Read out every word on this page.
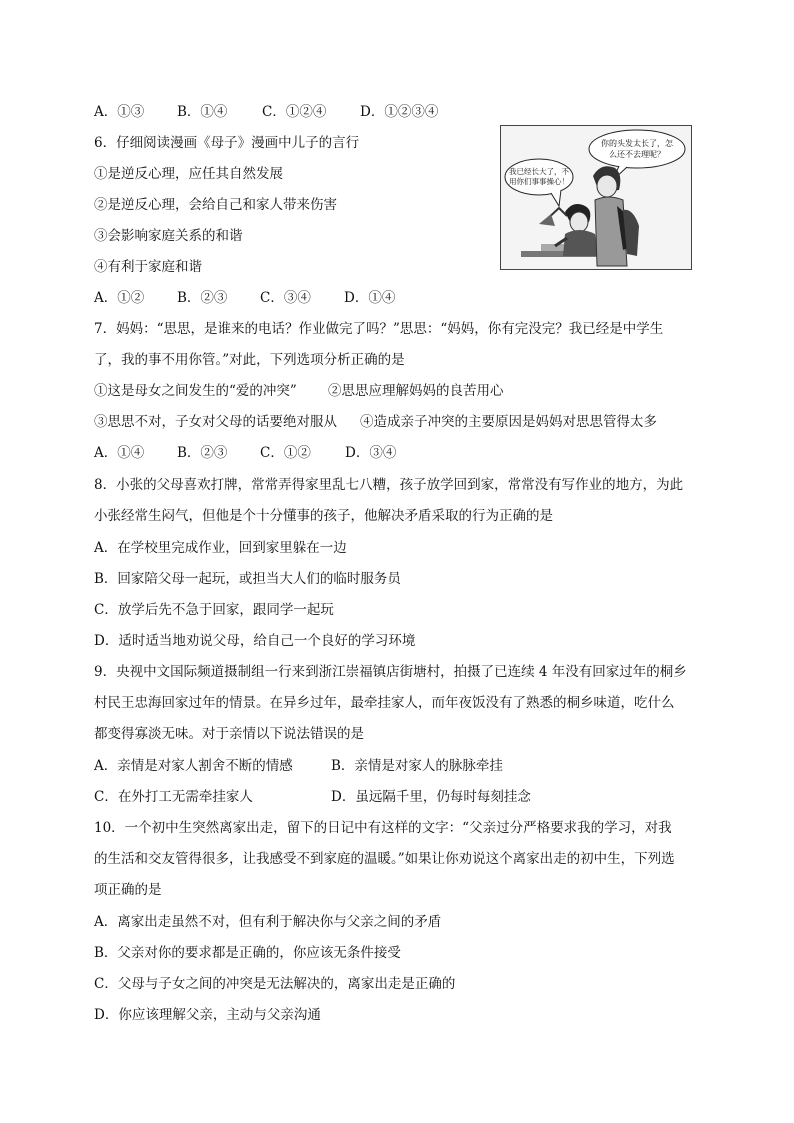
A．①③ B．①④	C．①②④ D．①②③④
6．仔细阅读漫画《母子》漫画中儿子的言行
①是逆反心理，应任其自然发展
②是逆反心理，会给自己和家人带来伤害
③会影响家庭关系的和谐
④有利于家庭和谐
A．①② B．②③ C．③④ D．①④
你的头发太长了，怎
么还不去理呢？
我已经长大了，不
用你们事事操心！
7．妈妈：“思思，是谁来的电话？作业做完了吗？”思思：“妈妈，你有完没完？我已经是中学生
了，我的事不用你管。”对此，下列选项分析正确的是
①这是母女之间发生的“爱的冲突” ②思思应理解妈妈的良苦用心
③思思不对，子女对父母的话要绝对服从 ④造成亲子冲突的主要原因是妈妈对思思管得太多
A．①④ B．②③ C．①②	D．③④
8．小张的父母喜欢打牌，常常弄得家里乱七八糟，孩子放学回到家，常常没有写作业的地方，为此
小张经常生闷气，但他是个十分懂事的孩子，他解决矛盾采取的行为正确的是
A．在学校里完成作业，回到家里躲在一边
B．回家陪父母一起玩，或担当大人们的临时服务员
C．放学后先不急于回家，跟同学一起玩
D．适时适当地劝说父母，给自己一个良好的学习环境
9．央视中文国际频道摄制组一行来到浙江崇福镇店街塘村，拍摄了已连续 4 年没有回家过年的桐乡
村民王忠海回家过年的情景。在异乡过年，最牵挂家人，而年夜饭没有了熟悉的桐乡味道，吃什么
都变得寡淡无味。对于亲情以下说法错误的是
A．亲情是对家人割舍不断的情感	B．亲情是对家人的脉脉牵挂
C．在外打工无需牵挂家人	D．虽远隔千里，仍每时每刻挂念
10．一个初中生突然离家出走，留下的日记中有这样的文字：“父亲过分严格要求我的学习，对我
的生活和交友管得很多，让我感受不到家庭的温暖。”如果让你劝说这个离家出走的初中生，下列选
项正确的是
A．离家出走虽然不对，但有利于解决你与父亲之间的矛盾
B．父亲对你的要求都是正确的，你应该无条件接受
C．父母与子女之间的冲突是无法解决的，离家出走是正确的
D．你应该理解父亲，主动与父亲沟通
